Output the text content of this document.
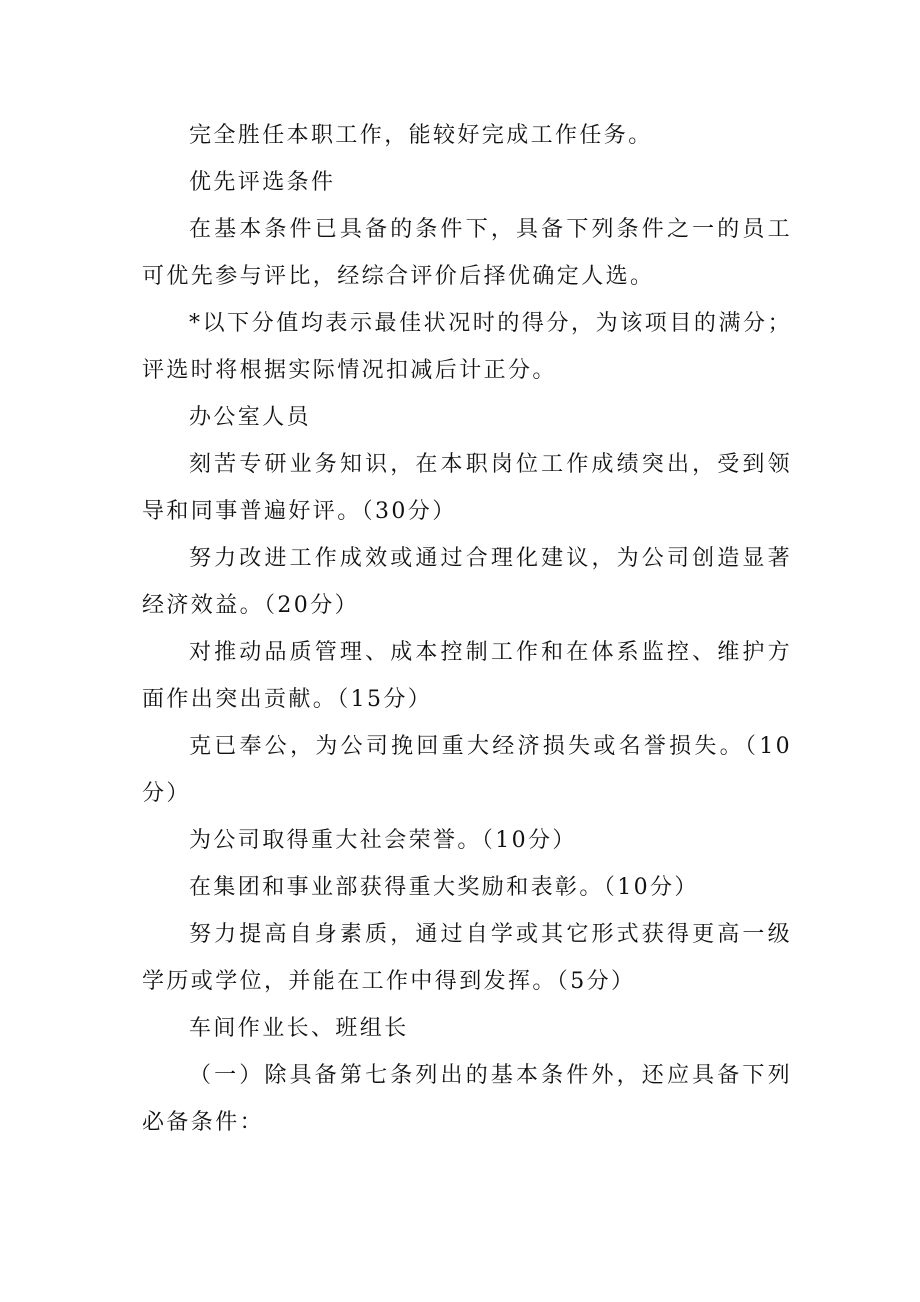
完全胜任本职工作，能较好完成工作任务。

优先评选条件

在基本条件已具备的条件下，具备下列条件之一的员工可优先参与评比，经综合评价后择优确定人选。

*以下分值均表示最佳状况时的得分，为该项目的满分；评选时将根据实际情况扣减后计正分。

办公室人员

刻苦专研业务知识，在本职岗位工作成绩突出，受到领导和同事普遍好评。（30分）

努力改进工作成效或通过合理化建议，为公司创造显著经济效益。（20分）

对推动品质管理、成本控制工作和在体系监控、维护方面作出突出贡献。（15分）

克已奉公，为公司挽回重大经济损失或名誉损失。（10分）

为公司取得重大社会荣誉。（10分）

在集团和事业部获得重大奖励和表彰。（10分）

努力提高自身素质，通过自学或其它形式获得更高一级学历或学位，并能在工作中得到发挥。（5分）

车间作业长、班组长

（一）除具备第七条列出的基本条件外，还应具备下列必备条件：
